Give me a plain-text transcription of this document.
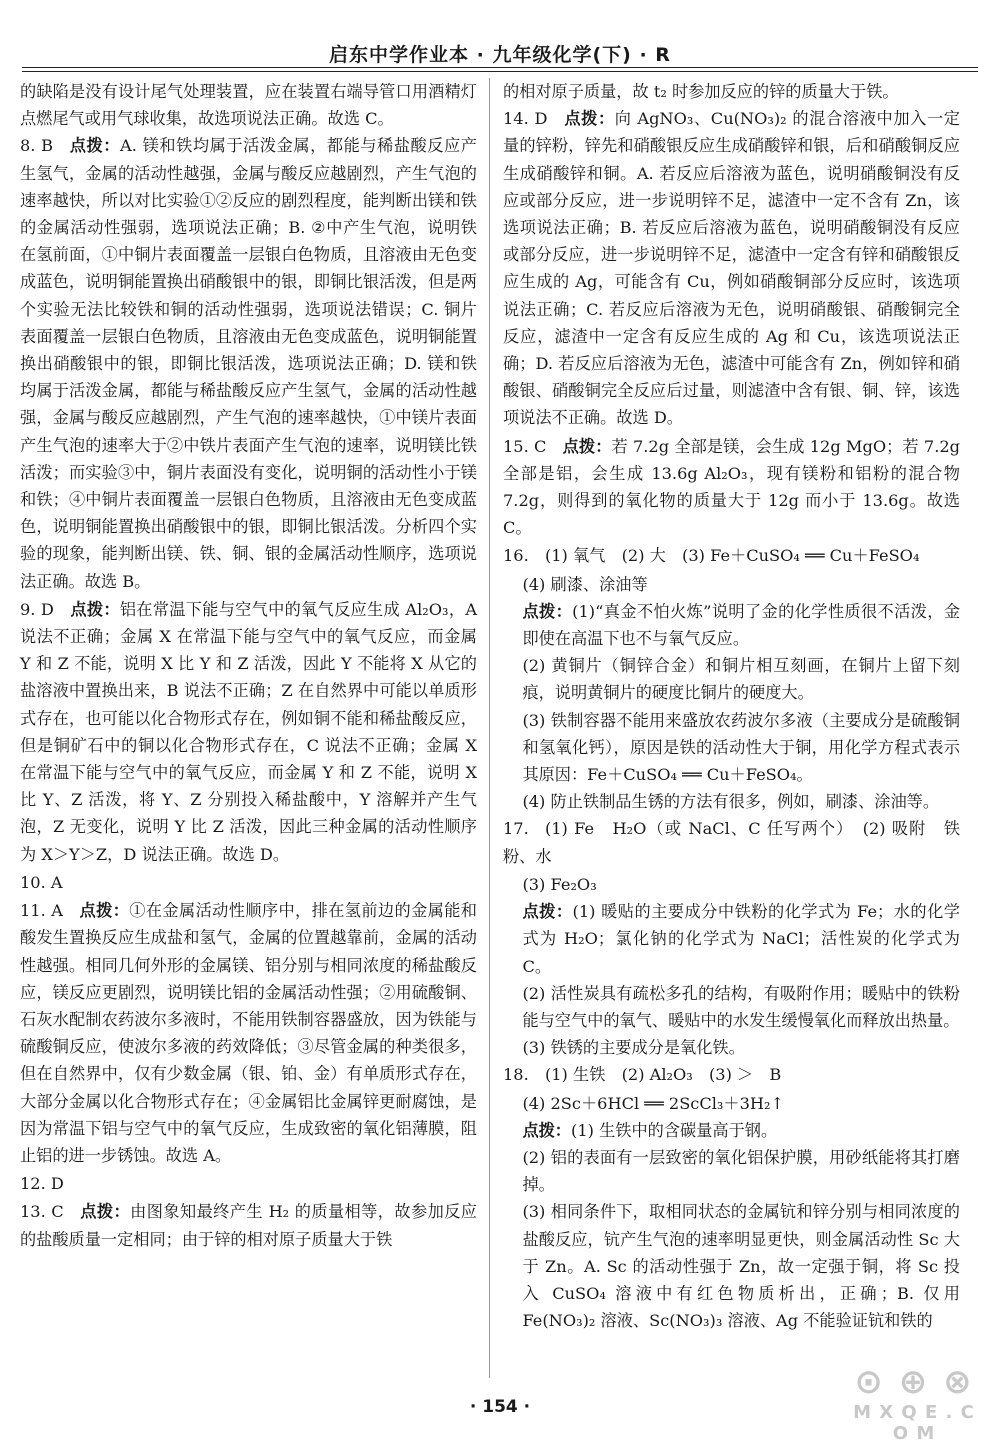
启东中学作业本 · 九年级化学(下) · R

的缺陷是没有设计尾气处理装置，应在装置右端导管口用酒精灯点燃尾气或用气球收集，故选项说法正确。故选 C。

8. B  点拨：A. 镁和铁均属于活泼金属，都能与稀盐酸反应产生氢气，金属的活动性越强，金属与酸反应越剧烈，产生气泡的速率越快，所以对比实验①②反应的剧烈程度，能判断出镁和铁的金属活动性强弱，选项说法正确；B. ②中产生气泡，说明铁在氢前面，①中铜片表面覆盖一层银白色物质，且溶液由无色变成蓝色，说明铜能置换出硝酸银中的银，即铜比银活泼，但是两个实验无法比较铁和铜的活动性强弱，选项说法错误；C. 铜片表面覆盖一层银白色物质，且溶液由无色变成蓝色，说明铜能置换出硝酸银中的银，即铜比银活泼，选项说法正确；D. 镁和铁均属于活泼金属，都能与稀盐酸反应产生氢气，金属的活动性越强，金属与酸反应越剧烈，产生气泡的速率越快，①中镁片表面产生气泡的速率大于②中铁片表面产生气泡的速率，说明镁比铁活泼；而实验③中，铜片表面没有变化，说明铜的活动性小于镁和铁；④中铜片表面覆盖一层银白色物质，且溶液由无色变成蓝色，说明铜能置换出硝酸银中的银，即铜比银活泼。分析四个实验的现象，能判断出镁、铁、铜、银的金属活动性顺序，选项说法正确。故选 B。

9. D  点拨：铝在常温下能与空气中的氧气反应生成 Al₂O₃，A 说法不正确；金属 X 在常温下能与空气中的氧气反应，而金属 Y 和 Z 不能，说明 X 比 Y 和 Z 活泼，因此 Y 不能将 X 从它的盐溶液中置换出来，B 说法不正确；Z 在自然界中可能以单质形式存在，也可能以化合物形式存在，例如铜不能和稀盐酸反应，但是铜矿石中的铜以化合物形式存在，C 说法不正确；金属 X 在常温下能与空气中的氧气反应，而金属 Y 和 Z 不能，说明 X 比 Y、Z 活泼，将 Y、Z 分别投入稀盐酸中，Y 溶解并产生气泡，Z 无变化，说明 Y 比 Z 活泼，因此三种金属的活动性顺序为 X＞Y＞Z，D 说法正确。故选 D。

10. A 

11. A  点拨：①在金属活动性顺序中，排在氢前边的金属能和酸发生置换反应生成盐和氢气，金属的位置越靠前，金属的活动性越强。相同几何外形的金属镁、铝分别与相同浓度的稀盐酸反应，镁反应更剧烈，说明镁比铝的金属活动性强；②用硫酸铜、石灰水配制农药波尔多液时，不能用铁制容器盛放，因为铁能与硫酸铜反应，使波尔多液的药效降低；③尽管金属的种类很多，但在自然界中，仅有少数金属（银、铂、金）有单质形式存在，大部分金属以化合物形式存在；④金属铝比金属锌更耐腐蚀，是因为常温下铝与空气中的氧气反应，生成致密的氧化铝薄膜，阻止铝的进一步锈蚀。故选 A。

12. D 

13. C  点拨：由图象知最终产生 H₂ 的质量相等，故参加反应的盐酸质量一定相同；由于锌的相对原子质量大于铁

的相对原子质量，故 t₂ 时参加反应的锌的质量大于铁。

14. D  点拨：向 AgNO₃、Cu(NO₃)₂ 的混合溶液中加入一定量的锌粉，锌先和硝酸银反应生成硝酸锌和银，后和硝酸铜反应生成硝酸锌和铜。A. 若反应后溶液为蓝色，说明硝酸铜没有反应或部分反应，进一步说明锌不足，滤渣中一定不含有 Zn，该选项说法正确；B. 若反应后溶液为蓝色，说明硝酸铜没有反应或部分反应，进一步说明锌不足，滤渣中一定含有锌和硝酸银反应生成的 Ag，可能含有 Cu，例如硝酸铜部分反应时，该选项说法正确；C. 若反应后溶液为无色，说明硝酸银、硝酸铜完全反应，滤渣中一定含有反应生成的 Ag 和 Cu，该选项说法正确；D. 若反应后溶液为无色，滤渣中可能含有 Zn，例如锌和硝酸银、硝酸铜完全反应后过量，则滤渣中含有银、铜、锌，该选项说法不正确。故选 D。

15. C  点拨：若 7.2g 全部是镁，会生成 12g MgO；若 7.2g 全部是铝，会生成 13.6g Al₂O₃，现有镁粉和铝粉的混合物 7.2g，则得到的氧化物的质量大于 12g 而小于 13.6g。故选 C。

16.  (1) 氧气　(2) 大　(3) Fe＋CuSO₄ ══ Cu＋FeSO₄

(4) 刷漆、涂油等

点拨：(1)“真金不怕火炼”说明了金的化学性质很不活泼，金即使在高温下也不与氧气反应。

(2) 黄铜片（铜锌合金）和铜片相互刻画，在铜片上留下刻痕，说明黄铜片的硬度比铜片的硬度大。

(3) 铁制容器不能用来盛放农药波尔多液（主要成分是硫酸铜和氢氧化钙），原因是铁的活动性大于铜，用化学方程式表示其原因：Fe＋CuSO₄ ══ Cu＋FeSO₄。

(4) 防止铁制品生锈的方法有很多，例如，刷漆、涂油等。

17.  (1) Fe　H₂O（或 NaCl、C 任写两个）　(2) 吸附　铁粉、水

(3) Fe₂O₃

点拨：(1) 暖贴的主要成分中铁粉的化学式为 Fe；水的化学式为 H₂O；氯化钠的化学式为 NaCl；活性炭的化学式为 C。

(2) 活性炭具有疏松多孔的结构，有吸附作用；暖贴中的铁粉能与空气中的氧气、暖贴中的水发生缓慢氧化而释放出热量。

(3) 铁锈的主要成分是氧化铁。

18.  (1) 生铁　(2) Al₂O₃　(3) ＞　B

(4) 2Sc＋6HCl ══ 2ScCl₃＋3H₂↑

点拨：(1) 生铁中的含碳量高于钢。

(2) 铝的表面有一层致密的氧化铝保护膜，用砂纸能将其打磨掉。

(3) 相同条件下，取相同状态的金属钪和锌分别与相同浓度的盐酸反应，钪产生气泡的速率明显更快，则金属活动性 Sc 大于 Zn。A. Sc 的活动性强于 Zn，故一定强于铜，将 Sc 投入 CuSO₄ 溶液中有红色物质析出，正确；B. 仅用 Fe(NO₃)₂ 溶液、Sc(NO₃)₃ 溶液、Ag 不能验证钪和铁的

· 154 ·
⊙ ⊕ ⊗
M X Q E . C O M
